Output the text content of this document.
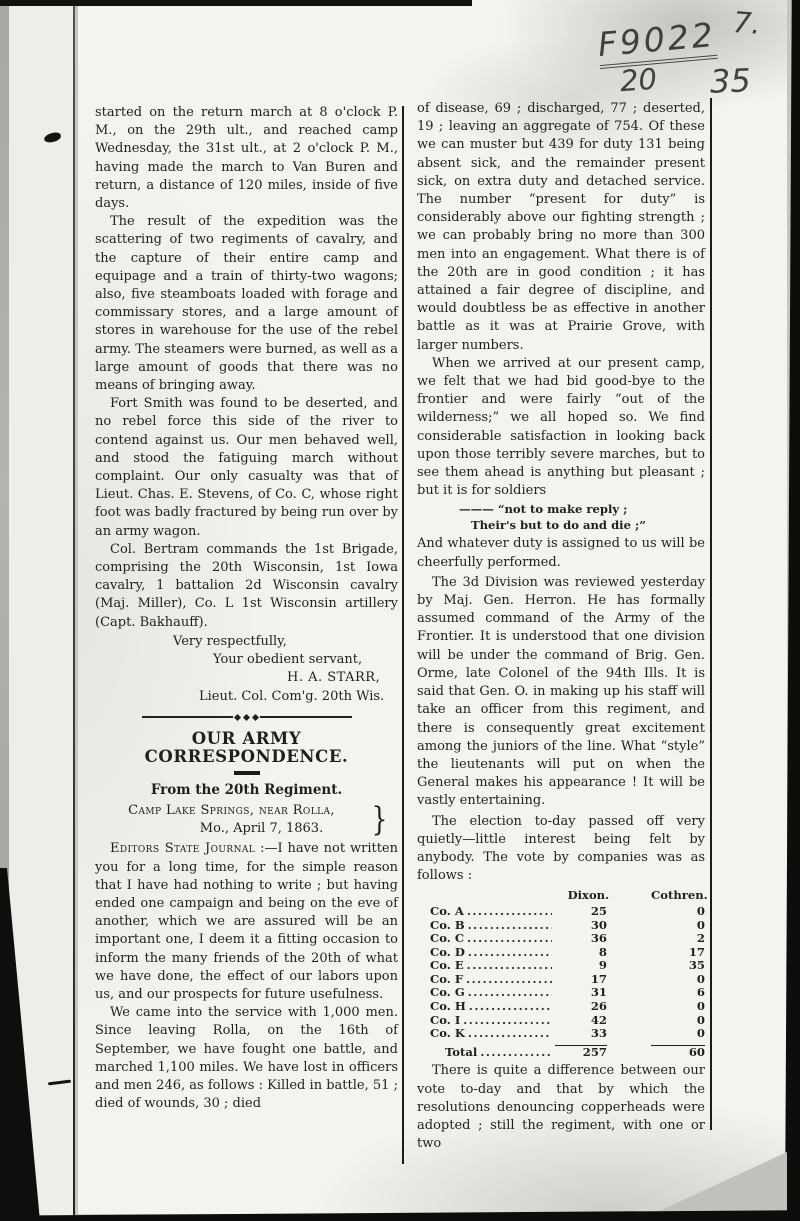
started on the return march at 8 o'clock P. M., on the 29th ult., and reached camp Wednesday, the 31st ult., at 2 o'clock P. M., having made the march to Van Buren and return, a distance of 120 miles, inside of five days.

The result of the expedition was the scattering of two regiments of cavalry, and the capture of their entire camp and equipage and a train of thirty-two wagons; also, five steamboats loaded with forage and commissary stores, and a large amount of stores in warehouse for the use of the rebel army. The steamers were burned, as well as a large amount of goods that there was no means of bringing away.

Fort Smith was found to be deserted, and no rebel force this side of the river to contend against us. Our men behaved well, and stood the fatiguing march without complaint. Our only casualty was that of Lieut. Chas. E. Stevens, of Co. C, whose right foot was badly fractured by being run over by an army wagon.

Col. Bertram commands the 1st Brigade, comprising the 20th Wisconsin, 1st Iowa cavalry, 1 battalion 2d Wisconsin cavalry (Maj. Miller), Co. L 1st Wisconsin artillery (Capt. Bakhauff).

Very respectfully,
Your obedient servant,
H. A. STARR,
Lieut. Col. Com'g. 20th Wis.
OUR ARMY CORRESPONDENCE.
From the 20th Regiment.
Camp Lake Springs, near Rolla,
Mo., April 7, 1863.	}

Editors State Journal :—I have not written you for a long time, for the simple reason that I have had nothing to write ; but having ended one campaign and being on the eve of another, which we are assured will be an important one, I deem it a fitting occasion to inform the many friends of the 20th of what we have done, the effect of our labors upon us, and our prospects for future usefulness.

We came into the service with 1,000 men. Since leaving Rolla, on the 16th of September, we have fought one battle, and marched 1,100 miles. We have lost in officers and men 246, as follows : Killed in battle, 51 ; died of wounds, 30 ; died

of disease, 69 ; discharged, 77 ; deserted, 19 ; leaving an aggregate of 754. Of these we can muster but 439 for duty 131 being absent sick, and the remainder present sick, on extra duty and detached service. The number “present for duty” is considerably above our fighting strength ; we can probably bring no more than 300 men into an engagement. What there is of the 20th are in good condition ; it has attained a fair degree of discipline, and would doubtless be as effective in another battle as it was at Prairie Grove, with larger numbers.

When we arrived at our present camp, we felt that we had bid good-bye to the frontier and were fairly “out of the wilderness;” we all hoped so. We find considerable satisfaction in looking back upon those terribly severe marches, but to see them ahead is anything but pleasant ; but it is for soldiers

——— “not to make reply ;
Their's but to do and die ;”

And whatever duty is assigned to us will be cheerfully performed.

The 3d Division was reviewed yesterday by Maj. Gen. Herron. He has formally assumed command of the Army of the Frontier. It is understood that one division will be under the command of Brig. Gen. Orme, late Colonel of the 94th Ills. It is said that Gen. O. in making up his staff will take an officer from this regiment, and there is consequently great excitement among the juniors of the line. What “style” the lieutenants will put on when the General makes his appearance ! It will be vastly entertaining.

The election to-day passed off very quietly—little interest being felt by anybody. The vote by companies was as follows :

Dixon.	Cothren.
Co. A .....	25	0
Co. B .....	30	0
Co. C .....	36	2
Co. D .....	8	17
Co. E .....	9	35
Co. F .....	17	0
Co. G .....	31	6
Co. H .....	26	0
Co. I .....	42	0
Co. K .....	33	0
Total .....	257	60

There is quite a difference between our vote to-day and that by which the resolutions denouncing copperheads were adopted ; still the regiment, with one or two

F9022
20 35
7.
